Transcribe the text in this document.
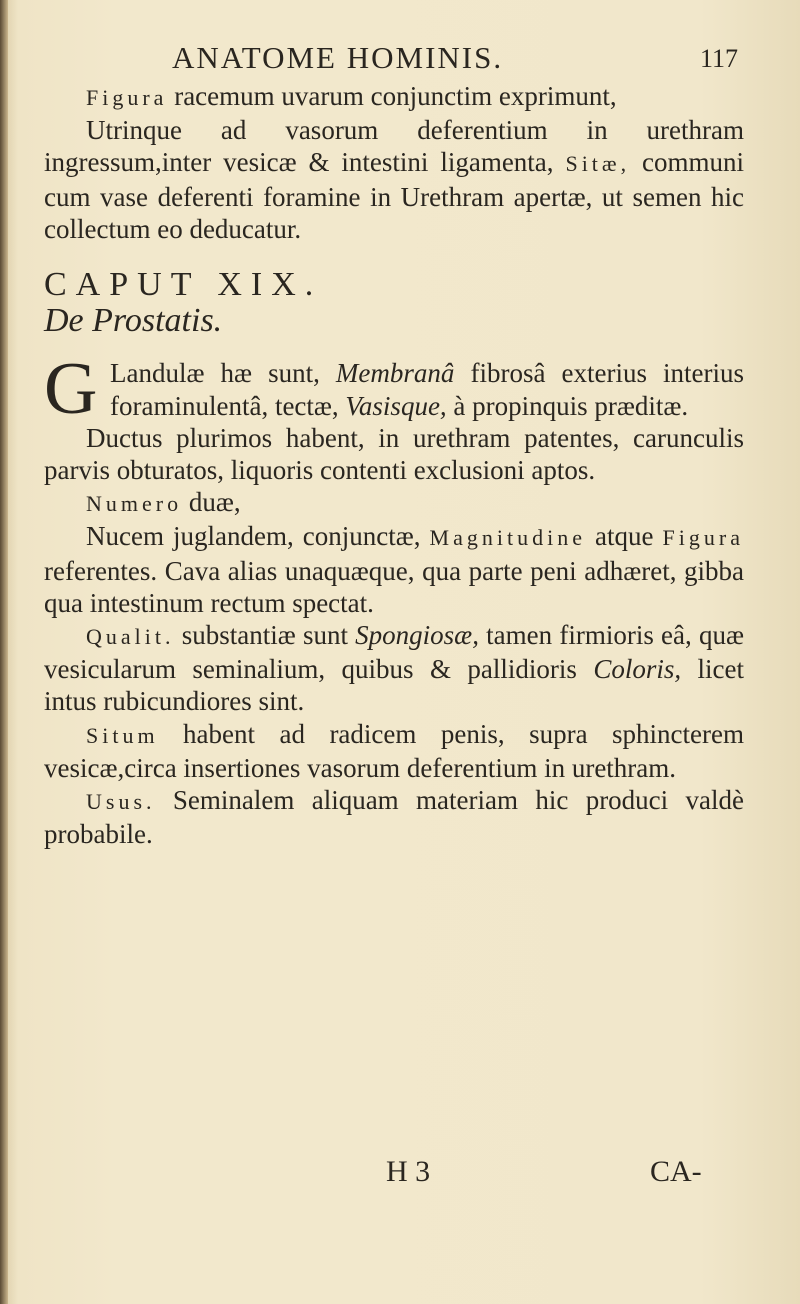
ANATOME HOMINIS.	117

Figura racemum uvarum conjunctim exprimunt,

Utrinque ad vasorum deferentium in urethram ingressum,inter vesicæ & intestini ligamenta, Sitæ, communi cum vase deferenti foramine in Urethram apertæ, ut semen hic collectum eo deducatur.

CAPUT XIX.

De Prostatis.

G Landulæ hæ sunt, Membranâ fibrosâ exterius interius foraminulentâ, tectæ, Vasisque, à propinquis præditæ.

Ductus plurimos habent, in urethram patentes, carunculis parvis obturatos, liquoris contenti exclusioni aptos.

Numero duæ,

Nucem juglandem, conjunctæ, Magnitudine atque Figura referentes. Cava alias unaquæque, qua parte peni adhæret, gibba qua intestinum rectum spectat.

Qualit. substantiæ sunt Spongiosæ, tamen firmioris eâ, quæ vesicularum seminalium, quibus & pallidioris Coloris, licet intus rubicundiores sint.

Situm habent ad radicem penis, supra sphincterem vesicæ,circa insertiones vasorum deferentium in urethram.

Usus. Seminalem aliquam materiam hic produci valdè probabile.

H 3	CA-
